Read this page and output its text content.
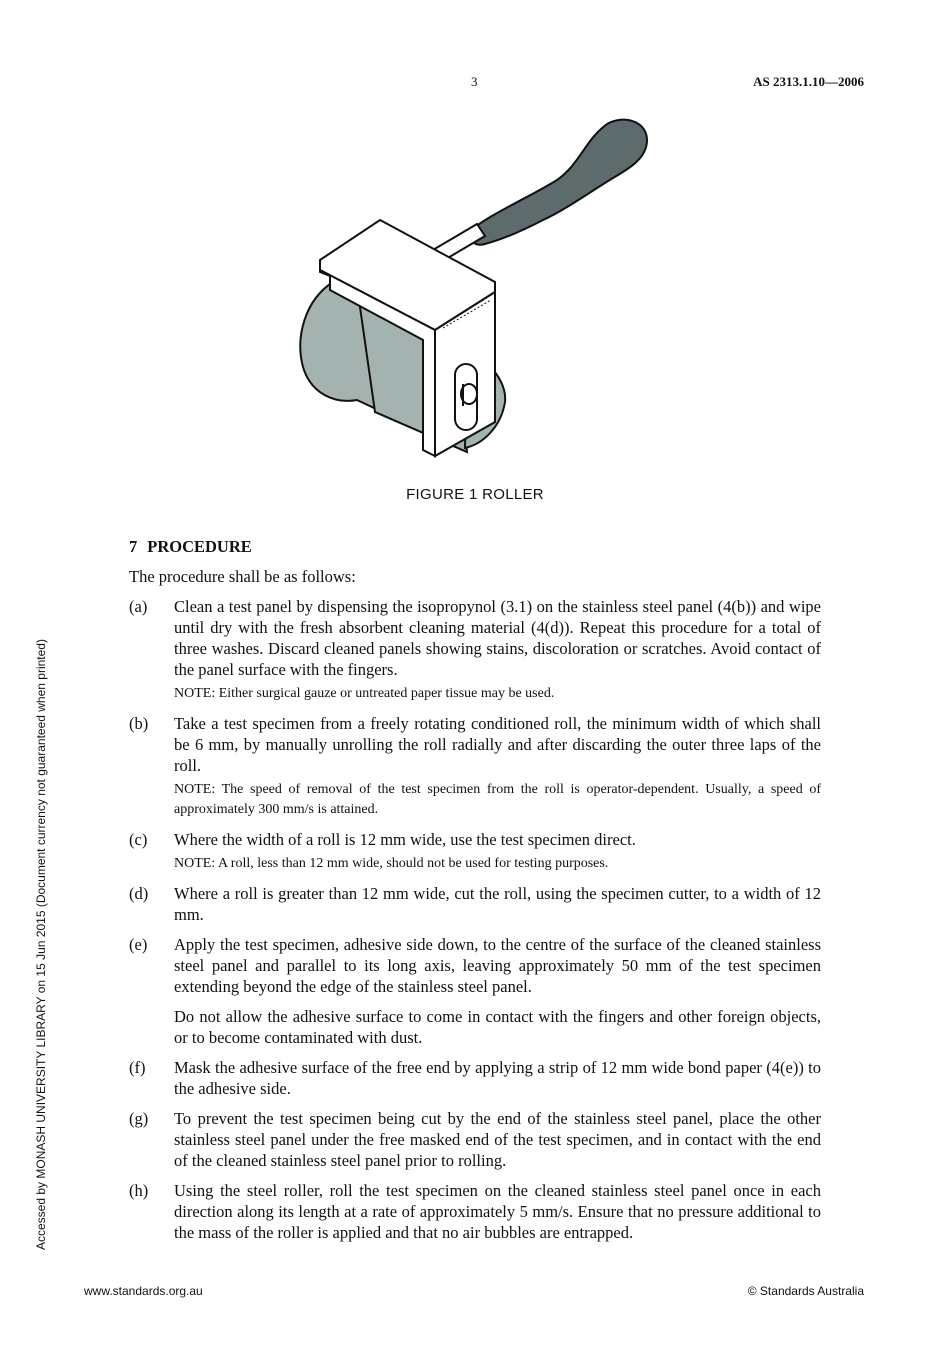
3	AS 2313.1.10—2006
FIGURE 1 ROLLER
Accessed by MONASH UNIVERSITY LIBRARY on 15 Jun 2015 (Document currency not guaranteed when printed)
7 PROCEDURE

The procedure shall be as follows:

(a)	Clean a test panel by dispensing the isopropynol (3.1) on the stainless steel panel (4(b)) and wipe until dry with the fresh absorbent cleaning material (4(d)). Repeat this procedure for a total of three washes. Discard cleaned panels showing stains, discoloration or scratches. Avoid contact of the panel surface with the fingers.

NOTE: Either surgical gauze or untreated paper tissue may be used.
(b)	Take a test specimen from a freely rotating conditioned roll, the minimum width of which shall be 6 mm, by manually unrolling the roll radially and after discarding the outer three laps of the roll.

NOTE: The speed of removal of the test specimen from the roll is operator-dependent. Usually, a speed of approximately 300 mm/s is attained.
(c)	Where the width of a roll is 12 mm wide, use the test specimen direct.

NOTE: A roll, less than 12 mm wide, should not be used for testing purposes.
(d)	Where a roll is greater than 12 mm wide, cut the roll, using the specimen cutter, to a width of 12 mm.

(e)	Apply the test specimen, adhesive side down, to the centre of the surface of the cleaned stainless steel panel and parallel to its long axis, leaving approximately 50 mm of the test specimen extending beyond the edge of the stainless steel panel.

Do not allow the adhesive surface to come in contact with the fingers and other foreign objects, or to become contaminated with dust.

(f)	Mask the adhesive surface of the free end by applying a strip of 12 mm wide bond paper (4(e)) to the adhesive side.

(g)	To prevent the test specimen being cut by the end of the stainless steel panel, place the other stainless steel panel under the free masked end of the test specimen, and in contact with the end of the cleaned stainless steel panel prior to rolling.

(h)	Using the steel roller, roll the test specimen on the cleaned stainless steel panel once in each direction along its length at a rate of approximately 5 mm/s. Ensure that no pressure additional to the mass of the roller is applied and that no air bubbles are entrapped.

www.standards.org.au	© Standards Australia
